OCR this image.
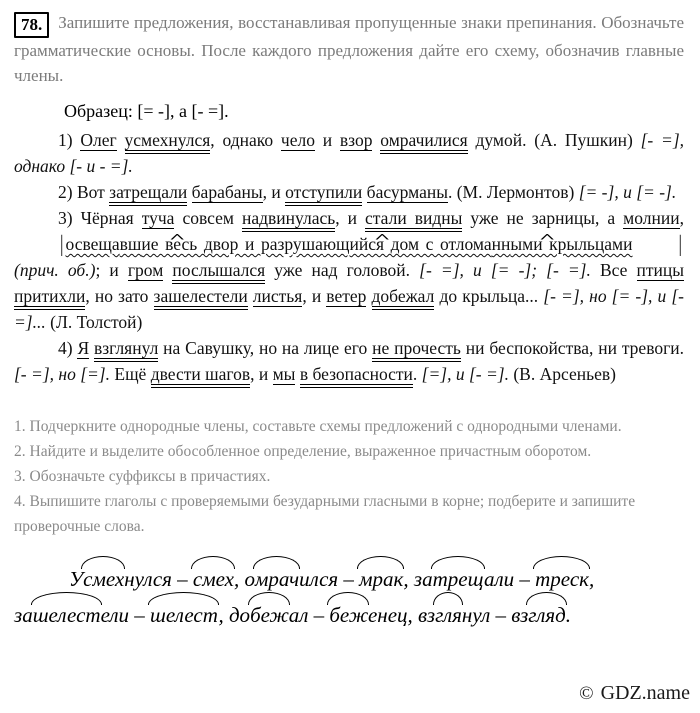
78. Запишите предложения, восстанавливая пропущенные знаки препинания. Обозначьте грамматические основы. После каждого предложения дайте его схему, обозначив главные члены.
Образец: [= -], а [- =].

1) Олег усмехнулся, однако чело и взор омрачилися думой. (А. Пушкин) [- =], однако [- и - =].

2) Вот затрещали барабаны, и отступили басурманы. (М. Лермонтов) [= -], и [= -].

3) Чёрная туча совсем надвинулась, и стали видны уже не зарницы, а молнии, | освеща^ вшие весь двор и разруша^ ющийся дом с отлома^ нными крыльцами	| (прич. об.); и гром послышался уже над головой. [- =], и [= -]; [- =]. Все птицы притихли, но зато зашелестели листья, и ветер добежал до крыльца... [- =], но [= -], и [- =]... (Л. Толстой)

4) Я взглянул на Савушку, но на лице его не прочесть ни беспокойства, ни тревоги. [- =], но [=]. Ещё двести шагов, и мы в безопасности. [=], и [- =]. (В. Арсеньев)

1. Подчеркните однородные члены, составьте схемы предложений с однородными членами.
2. Найдите и выделите обособленное определение, выраженное причастным оборотом.
3. Обозначьте суффиксы в причастиях.
4. Выпишите глаголы с проверяемыми безударными гласными в корне; подберите и запишите проверочные слова.
Усмехнулся – смех, омрачился – мрак, затрещали – треск, зашелестели – шелест, добежал – беженец, взглянул – взгляд.
© GDZ.name
